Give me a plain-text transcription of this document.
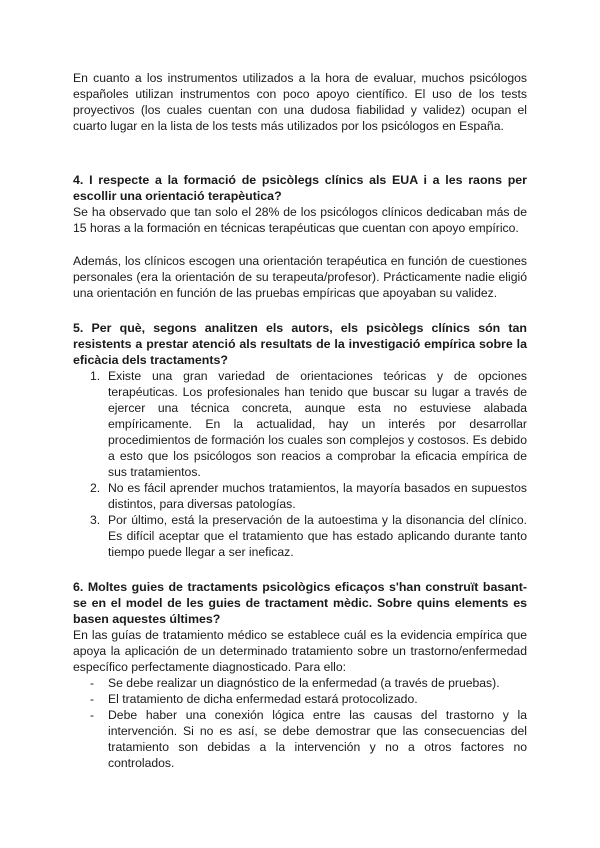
En cuanto a los instrumentos utilizados a la hora de evaluar, muchos psicólogos españoles utilizan instrumentos con poco apoyo científico. El uso de los tests proyectivos (los cuales cuentan con una dudosa fiabilidad y validez) ocupan el cuarto lugar en la lista de los tests más utilizados por los psicólogos en España.

4. I respecte a la formació de psicòlegs clínics als EUA i a les raons per escollir una orientació terapèutica?

Se ha observado que tan solo el 28% de los psicólogos clínicos dedicaban más de 15 horas a la formación en técnicas terapéuticas que cuentan con apoyo empírico.

Además, los clínicos escogen una orientación terapéutica en función de cuestiones personales (era la orientación de su terapeuta/profesor). Prácticamente nadie eligió una orientación en función de las pruebas empíricas que apoyaban su validez.

5. Per què, segons analitzen els autors, els psicòlegs clínics són tan resistents a prestar atenció als resultats de la investigació empírica sobre la eficàcia dels tractaments?
1. Existe una gran variedad de orientaciones teóricas y de opciones terapéuticas. Los profesionales han tenido que buscar su lugar a través de ejercer una técnica concreta, aunque esta no estuviese alabada empíricamente. En la actualidad, hay un interés por desarrollar procedimientos de formación los cuales son complejos y costosos. Es debido a esto que los psicólogos son reacios a comprobar la eficacia empírica de sus tratamientos.
2. No es fácil aprender muchos tratamientos, la mayoría basados en supuestos distintos, para diversas patologías.
3. Por último, está la preservación de la autoestima y la disonancia del clínico. Es difícil aceptar que el tratamiento que has estado aplicando durante tanto tiempo puede llegar a ser ineficaz.
6. Moltes guies de tractaments psicològics eficaços s'han construït basant-se en el model de les guies de tractament mèdic. Sobre quins elements es basen aquestes últimes?

En las guías de tratamiento médico se establece cuál es la evidencia empírica que apoya la aplicación de un determinado tratamiento sobre un trastorno/enfermedad específico perfectamente diagnosticado. Para ello:

- Se debe realizar un diagnóstico de la enfermedad (a través de pruebas).
- El tratamiento de dicha enfermedad estará protocolizado.
- Debe haber una conexión lógica entre las causas del trastorno y la intervención. Si no es así, se debe demostrar que las consecuencias del tratamiento son debidas a la intervención y no a otros factores no controlados.
